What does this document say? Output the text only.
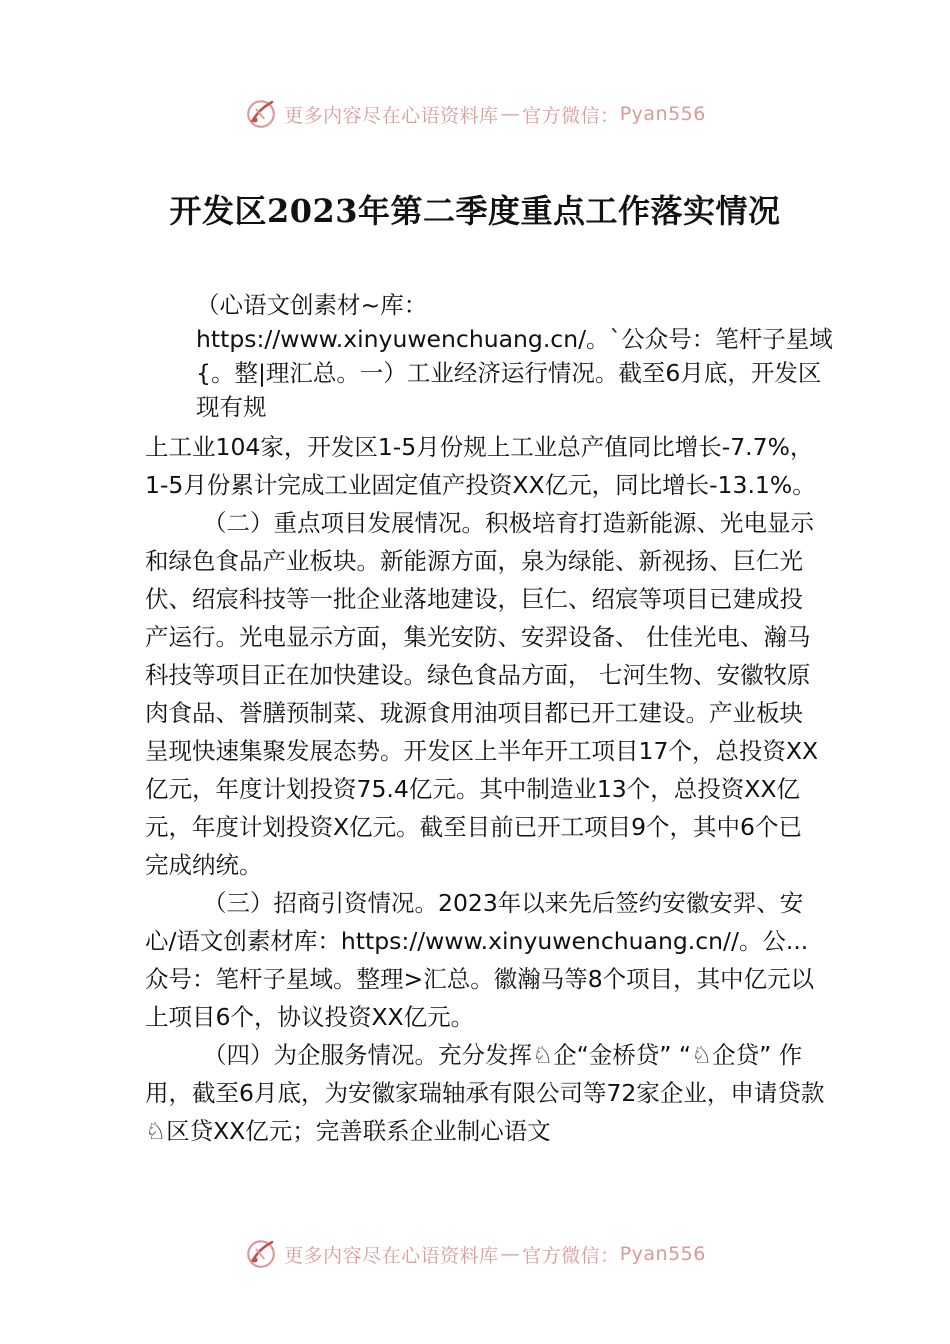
更多内容尽在心语资料库 — 官方微信： Pyan556
开发区2023年第二季度重点工作落实情况

（心语文创素材~库：https://www.xinyuwenchuang.cn/。`公众号：笔杆子星域{。整|理汇总。一）工业经济运行情况。截至6月底，开发区现有规

上工业104家，开发区1-5月份规上工业总产值同比增长-7.7%，1-5月份累计完成工业固定值产投资XX亿元，同比增长-13.1%。

（二）重点项目发展情况。积极培育打造新能源、光电显示和绿色食品产业板块。新能源方面，泉为绿能、新视扬、巨仁光伏、绍宸科技等一批企业落地建设，巨仁、绍宸等项目已建成投产运行。光电显示方面，集光安防、安羿设备、 仕佳光电、瀚马科技等项目正在加快建设。绿色食品方面， 七河生物、安徽牧原肉食品、誉膳预制菜、珑源食用油项目都已开工建设。产业板块呈现快速集聚发展态势。开发区上半年开工项目17个，总投资XX亿元，年度计划投资75.4亿元。其中制造业13个，总投资XX亿元，年度计划投资X亿元。截至目前已开工项目9个，其中6个已完成纳统。

（三）招商引资情况。2023年以来先后签约安徽安羿、安心/语文创素材库：https://www.xinyuwenchuang.cn//。公...众号：笔杆子星域。整理>汇总。徽瀚马等8个项目，其中亿元以上项目6个，协议投资XX亿元。

（四）为企服务情况。充分发挥♘企“金桥贷” “♘企贷” 作用，截至6月底，为安徽家瑞轴承有限公司等72家企业，申请贷款♘区贷XX亿元；完善联系企业制心语文

更多内容尽在心语资料库 — 官方微信： Pyan556
